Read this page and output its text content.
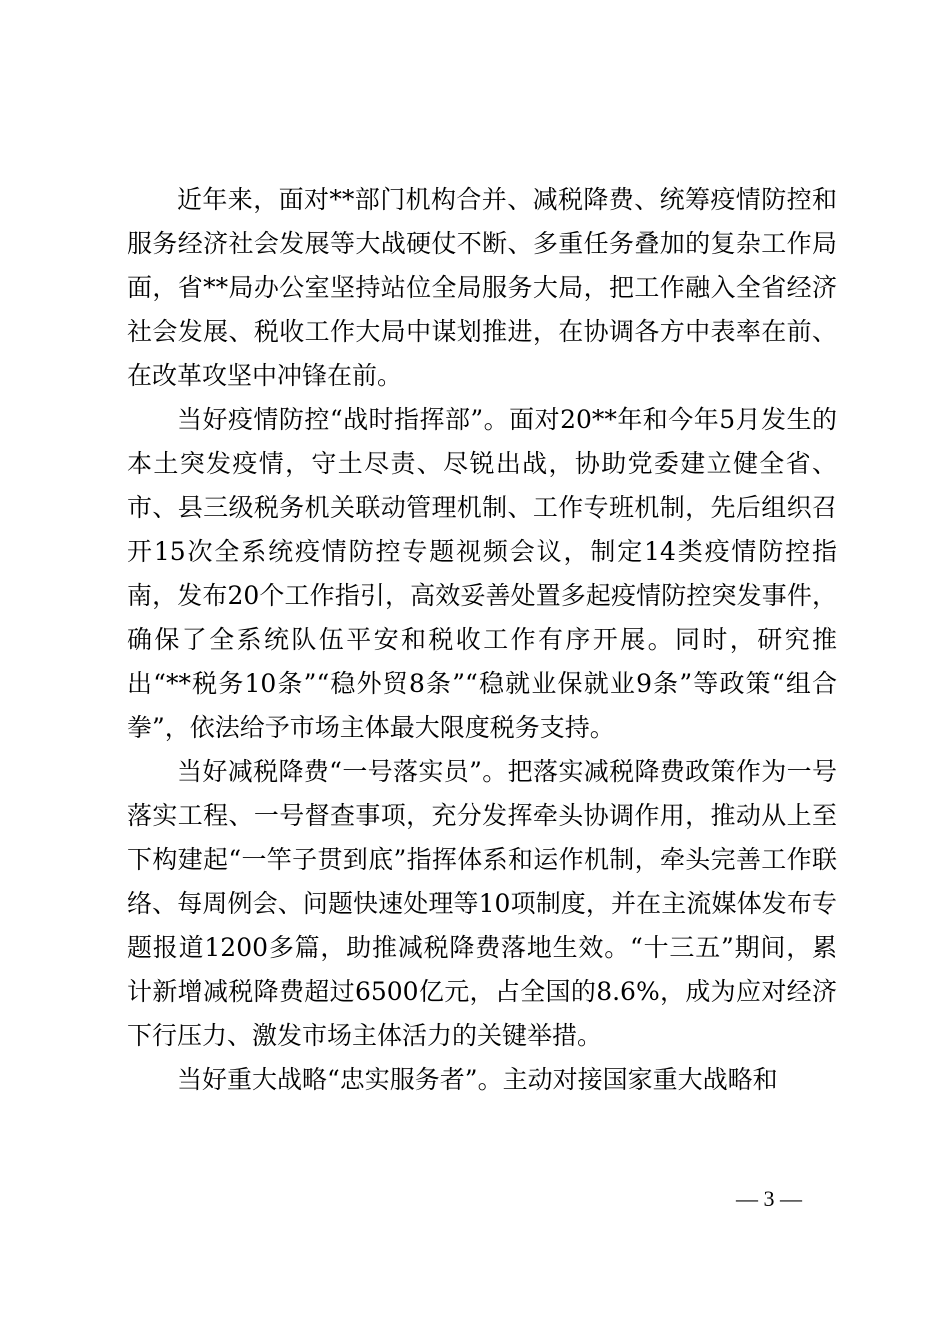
近年来，面对**部门机构合并、减税降费、统筹疫情防控和服务经济社会发展等大战硬仗不断、多重任务叠加的复杂工作局面，省**局办公室坚持站位全局服务大局，把工作融入全省经济社会发展、税收工作大局中谋划推进，在协调各方中表率在前、在改革攻坚中冲锋在前。

当好疫情防控“战时指挥部”。面对20**年和今年5月发生的本土突发疫情，守土尽责、尽锐出战，协助党委建立健全省、市、县三级税务机关联动管理机制、工作专班机制，先后组织召开15次全系统疫情防控专题视频会议，制定14类疫情防控指南，发布20个工作指引，高效妥善处置多起疫情防控突发事件，确保了全系统队伍平安和税收工作有序开展。同时，研究推出“**税务10条”“稳外贸8条”“稳就业保就业9条”等政策“组合拳”，依法给予市场主体最大限度税务支持。

当好减税降费“一号落实员”。把落实减税降费政策作为一号落实工程、一号督查事项，充分发挥牵头协调作用，推动从上至下构建起“一竿子贯到底”指挥体系和运作机制，牵头完善工作联络、每周例会、问题快速处理等10项制度，并在主流媒体发布专题报道1200多篇，助推减税降费落地生效。“十三五”期间，累计新增减税降费超过6500亿元，占全国的8.6%，成为应对经济下行压力、激发市场主体活力的关键举措。

当好重大战略“忠实服务者”。主动对接国家重大战略和

— 3 —
